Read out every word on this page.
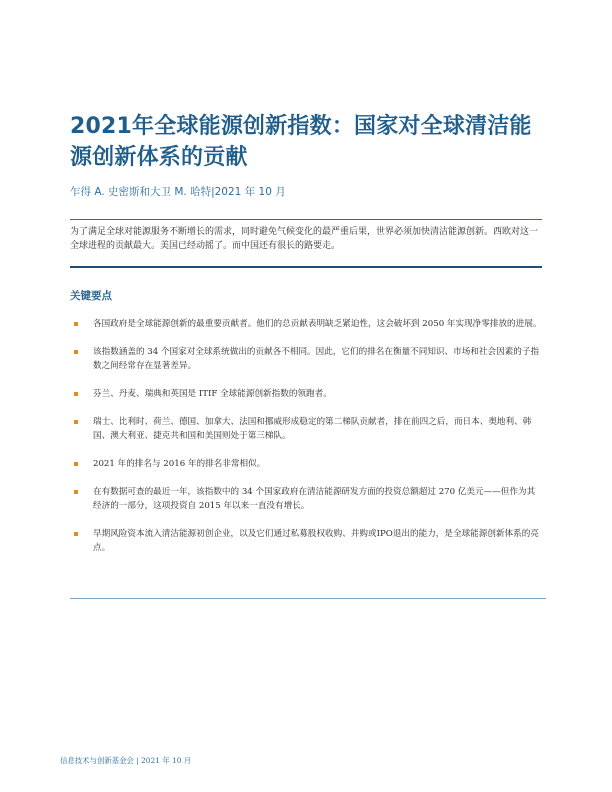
2021年全球能源创新指数：国家对全球清洁能源创新体系的贡献
乍得 A. 史密斯和大卫 M. 哈特|2021 年 10 月
为了满足全球对能源服务不断增长的需求，同时避免气候变化的最严重后果，世界必须加快清洁能源创新。西欧对这一全球进程的贡献最大。美国已经动摇了。而中国还有很长的路要走。
关键要点
各国政府是全球能源创新的最重要贡献者。他们的总贡献表明缺乏紧迫性，这会破坏到 2050 年实现净零排放的进展。
该指数涵盖的 34 个国家对全球系统做出的贡献各不相同。因此，它们的排名在衡量不同知识、市场和社会因素的子指数之间经常存在显著差异。
芬兰、丹麦、瑞典和英国是 ITIF 全球能源创新指数的领跑者。
瑞士、比利时、荷兰、德国、加拿大、法国和挪威形成稳定的第二梯队贡献者，排在前四之后，而日本、奥地利、韩国、澳大利亚、捷克共和国和美国则处于第三梯队。
2021 年的排名与 2016 年的排名非常相似。
在有数据可查的最近一年，该指数中的 34 个国家政府在清洁能源研发方面的投资总额超过 270 亿美元——但作为其经济的一部分，这项投资自 2015 年以来一直没有增长。
早期风险资本流入清洁能源初创企业，以及它们通过私募股权收购、并购或IPO退出的能力，是全球能源创新体系的亮点。
信息技术与创新基金会 | 2021 年 10 月
